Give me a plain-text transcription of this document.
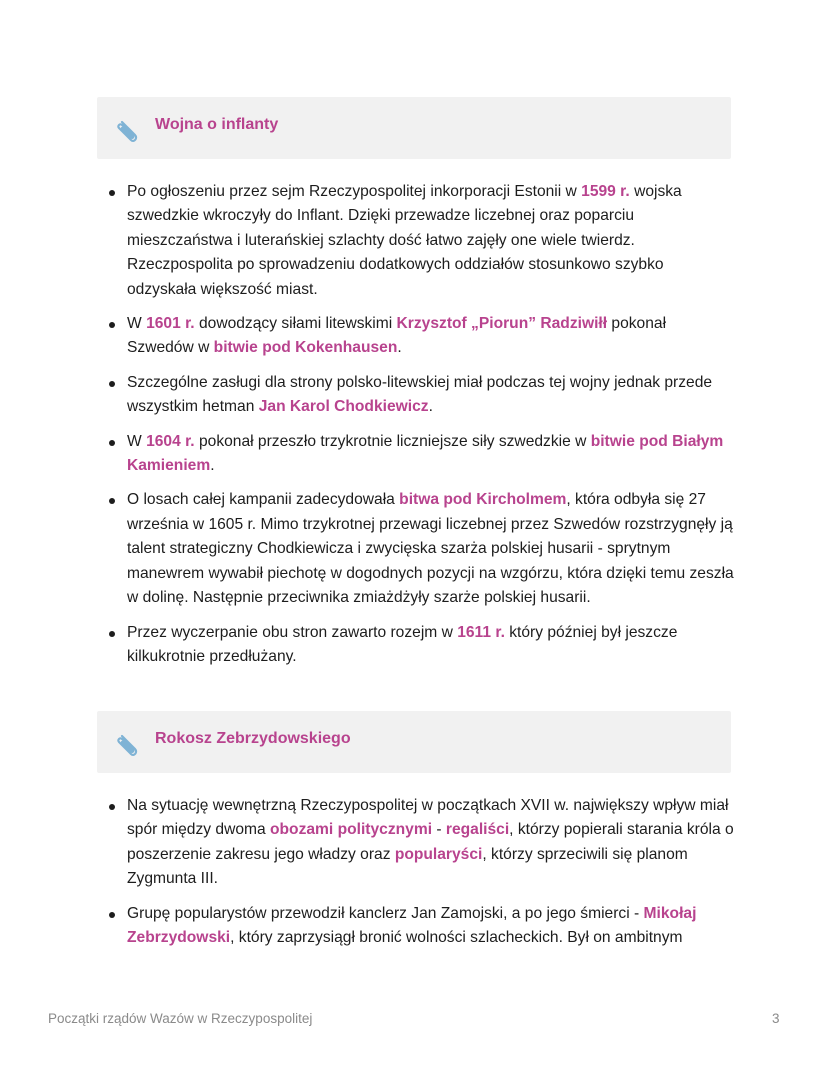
Wojna o inflanty
Po ogłoszeniu przez sejm Rzeczypospolitej inkorporacji Estonii w 1599 r. wojska szwedzkie wkroczyły do Inflant. Dzięki przewadze liczebnej oraz poparciu mieszczaństwa i luterańskiej szlachty dość łatwo zajęły one wiele twierdz. Rzeczpospolita po sprowadzeniu dodatkowych oddziałów stosunkowo szybko odzyskała większość miast.
W 1601 r. dowodzący siłami litewskimi Krzysztof „Piorun” Radziwiłł pokonał Szwedów w bitwie pod Kokenhausen.
Szczególne zasługi dla strony polsko-litewskiej miał podczas tej wojny jednak przede wszystkim hetman Jan Karol Chodkiewicz.
W 1604 r. pokonał przeszło trzykrotnie liczniejsze siły szwedzkie w bitwie pod Białym Kamieniem.
O losach całej kampanii zadecydowała bitwa pod Kircholmem, która odbyła się 27 września w 1605 r. Mimo trzykrotnej przewagi liczebnej przez Szwedów rozstrzygnęły ją talent strategiczny Chodkiewicza i zwycięska szarża polskiej husarii - sprytnym manewrem wywabił piechotę w dogodnych pozycji na wzgórzu, która dzięki temu zeszła w dolinę. Następnie przeciwnika zmiażdżyły szarże polskiej husarii.
Przez wyczerpanie obu stron zawarto rozejm w 1611 r. który później był jeszcze kilkukrotnie przedłużany.
Rokosz Zebrzydowskiego
Na sytuację wewnętrzną Rzeczypospolitej w początkach XVII w. największy wpływ miał spór między dwoma obozami politycznymi - regaliści, którzy popierali starania króla o poszerzenie zakresu jego władzy oraz popularyści, którzy sprzeciwili się planom Zygmunta III.
Grupę popularystów przewodził kanclerz Jan Zamojski, a po jego śmierci - Mikołaj Zebrzydowski, który zaprzysiągł bronić wolności szlacheckich. Był on ambitnym
Początki rządów Wazów w Rzeczypospolitej	3
